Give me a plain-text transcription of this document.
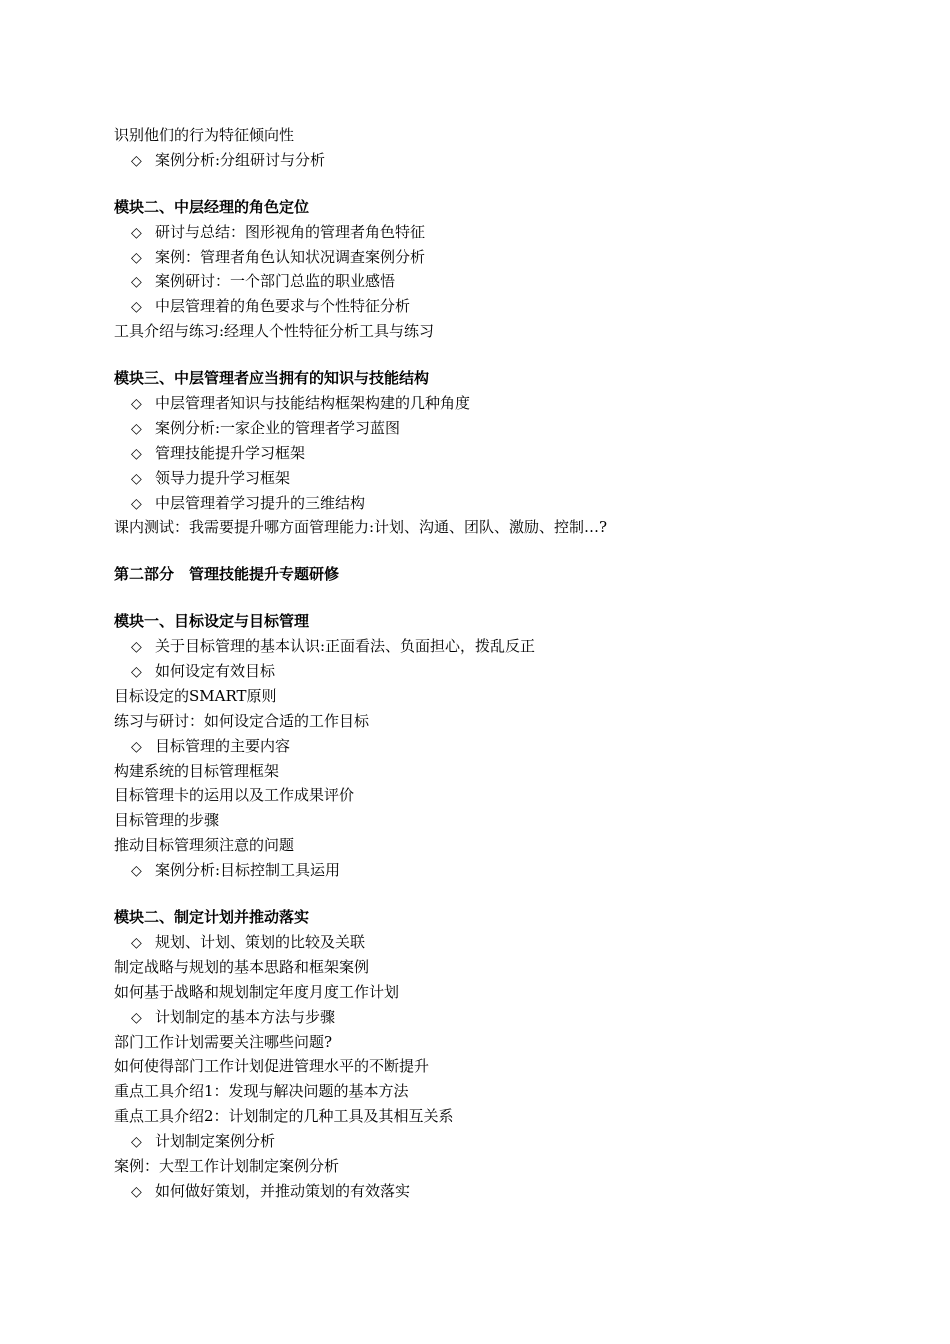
识别他们的行为特征倾向性
◇ 案例分析:分组研讨与分析
模块二、中层经理的角色定位
◇ 研讨与总结：图形视角的管理者角色特征
◇ 案例：管理者角色认知状况调查案例分析
◇ 案例研讨：一个部门总监的职业感悟
◇ 中层管理着的角色要求与个性特征分析
工具介绍与练习:经理人个性特征分析工具与练习
模块三、中层管理者应当拥有的知识与技能结构
◇ 中层管理者知识与技能结构框架构建的几种角度
◇ 案例分析:一家企业的管理者学习蓝图
◇ 管理技能提升学习框架
◇ 领导力提升学习框架
◇ 中层管理着学习提升的三维结构
课内测试：我需要提升哪方面管理能力:计划、沟通、团队、激励、控制…?
第二部分　管理技能提升专题研修
模块一、目标设定与目标管理
◇ 关于目标管理的基本认识:正面看法、负面担心，拨乱反正
◇ 如何设定有效目标
目标设定的SMART原则
练习与研讨：如何设定合适的工作目标
◇ 目标管理的主要内容
构建系统的目标管理框架
目标管理卡的运用以及工作成果评价
目标管理的步骤
推动目标管理须注意的问题
◇ 案例分析:目标控制工具运用
模块二、制定计划并推动落实
◇ 规划、计划、策划的比较及关联
制定战略与规划的基本思路和框架案例
如何基于战略和规划制定年度月度工作计划
◇ 计划制定的基本方法与步骤
部门工作计划需要关注哪些问题?
如何使得部门工作计划促进管理水平的不断提升
重点工具介绍1：发现与解决问题的基本方法
重点工具介绍2：计划制定的几种工具及其相互关系
◇ 计划制定案例分析
案例：大型工作计划制定案例分析
◇ 如何做好策划，并推动策划的有效落实
